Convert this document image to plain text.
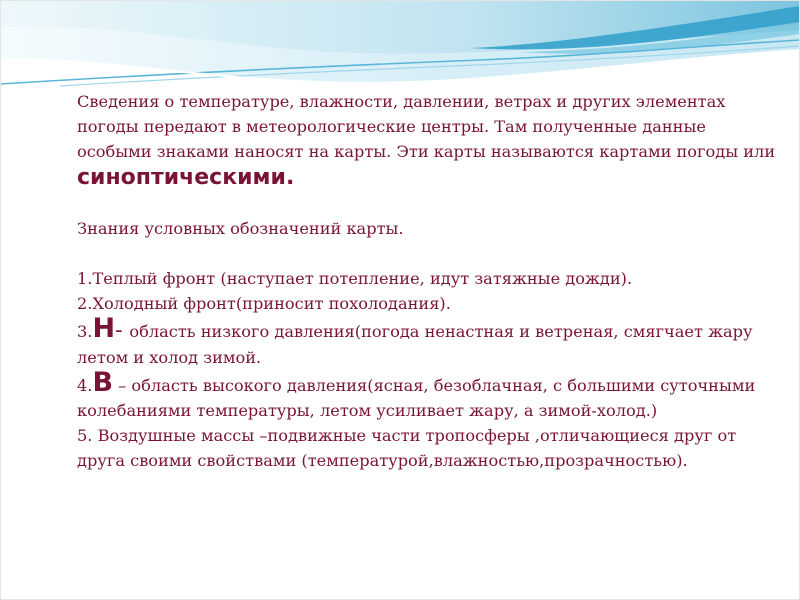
Сведения о температуре, влажности, давлении, ветрах и других элементах погоды передают в метеорологические центры. Там полученные данные особыми знаками наносят на карты. Эти карты называются картами погоды или синоптическими.

Знания условных обозначений карты.

1.Теплый фронт (наступает потепление, идут затяжные дожди).

2.Холодный фронт(приносит похолодания).

3.Н- область низкого давления(погода ненастная и ветреная, смягчает жару летом и холод зимой.

4.В – область высокого давления(ясная, безоблачная, с большими суточными колебаниями температуры, летом усиливает жару, а зимой-холод.)

5. Воздушные массы –подвижные части тропосферы ,отличающиеся друг от друга своими свойствами (температурой,влажностью,прозрачностью).
